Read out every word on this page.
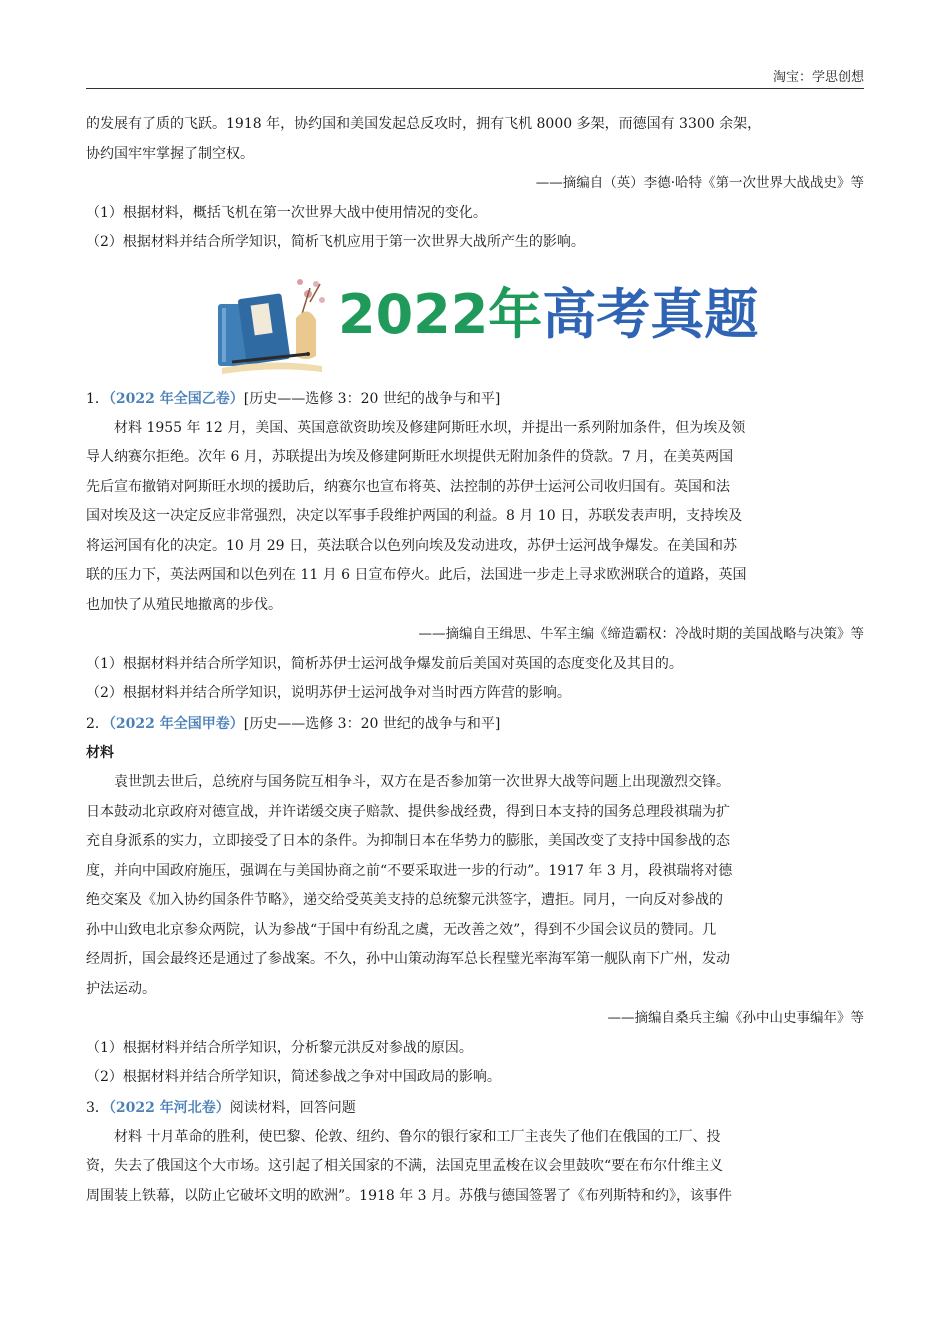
淘宝：学思创想
的发展有了质的飞跃。1918 年，协约国和美国发起总反攻时，拥有飞机 8000 多架，而德国有 3300 余架，
协约国牢牢掌握了制空权。
——摘编自（英）李德·哈特《第一次世界大战战史》等
（1）根据材料，概括飞机在第一次世界大战中使用情况的变化。
（2）根据材料并结合所学知识，简析飞机应用于第一次世界大战所产生的影响。
2022年高考真题
1．（2022 年全国乙卷）[历史——选修 3：20 世纪的战争与和平]
材料 1955 年 12 月，美国、英国意欲资助埃及修建阿斯旺水坝，并提出一系列附加条件，但为埃及领
导人纳赛尔拒绝。次年 6 月，苏联提出为埃及修建阿斯旺水坝提供无附加条件的贷款。7 月，在美英两国
先后宣布撤销对阿斯旺水坝的援助后，纳赛尔也宣布将英、法控制的苏伊士运河公司收归国有。英国和法
国对埃及这一决定反应非常强烈，决定以军事手段维护两国的利益。8 月 10 日，苏联发表声明，支持埃及
将运河国有化的决定。10 月 29 日，英法联合以色列向埃及发动进攻，苏伊士运河战争爆发。在美国和苏
联的压力下，英法两国和以色列在 11 月 6 日宣布停火。此后，法国进一步走上寻求欧洲联合的道路，英国
也加快了从殖民地撤离的步伐。
——摘编自王缉思、牛军主编《缔造霸权：冷战时期的美国战略与决策》等
（1）根据材料并结合所学知识，简析苏伊士运河战争爆发前后美国对英国的态度变化及其目的。
（2）根据材料并结合所学知识，说明苏伊士运河战争对当时西方阵营的影响。
2．（2022 年全国甲卷）[历史——选修 3：20 世纪的战争与和平]
材料
袁世凯去世后，总统府与国务院互相争斗，双方在是否参加第一次世界大战等问题上出现激烈交锋。
日本鼓动北京政府对德宣战，并许诺缓交庚子赔款、提供参战经费，得到日本支持的国务总理段祺瑞为扩
充自身派系的实力，立即接受了日本的条件。为抑制日本在华势力的膨胀，美国改变了支持中国参战的态
度，并向中国政府施压，强调在与美国协商之前“不要采取进一步的行动”。1917 年 3 月，段祺瑞将对德
绝交案及《加入协约国条件节略》，递交给受英美支持的总统黎元洪签字，遭拒。同月，一向反对参战的
孙中山致电北京参众两院，认为参战“于国中有纷乱之虞，无改善之效”，得到不少国会议员的赞同。几
经周折，国会最终还是通过了参战案。不久，孙中山策动海军总长程璧光率海军第一舰队南下广州，发动
护法运动。
——摘编自桑兵主编《孙中山史事编年》等
（1）根据材料并结合所学知识，分析黎元洪反对参战的原因。
（2）根据材料并结合所学知识，简述参战之争对中国政局的影响。
3．（2022 年河北卷）阅读材料，回答问题
材料 十月革命的胜利，使巴黎、伦敦、纽约、鲁尔的银行家和工厂主丧失了他们在俄国的工厂、投
资，失去了俄国这个大市场。这引起了相关国家的不满，法国克里孟梭在议会里鼓吹“要在布尔什维主义
周围装上铁幕，以防止它破坏文明的欧洲”。1918 年 3 月。苏俄与德国签署了《布列斯特和约》，该事件
